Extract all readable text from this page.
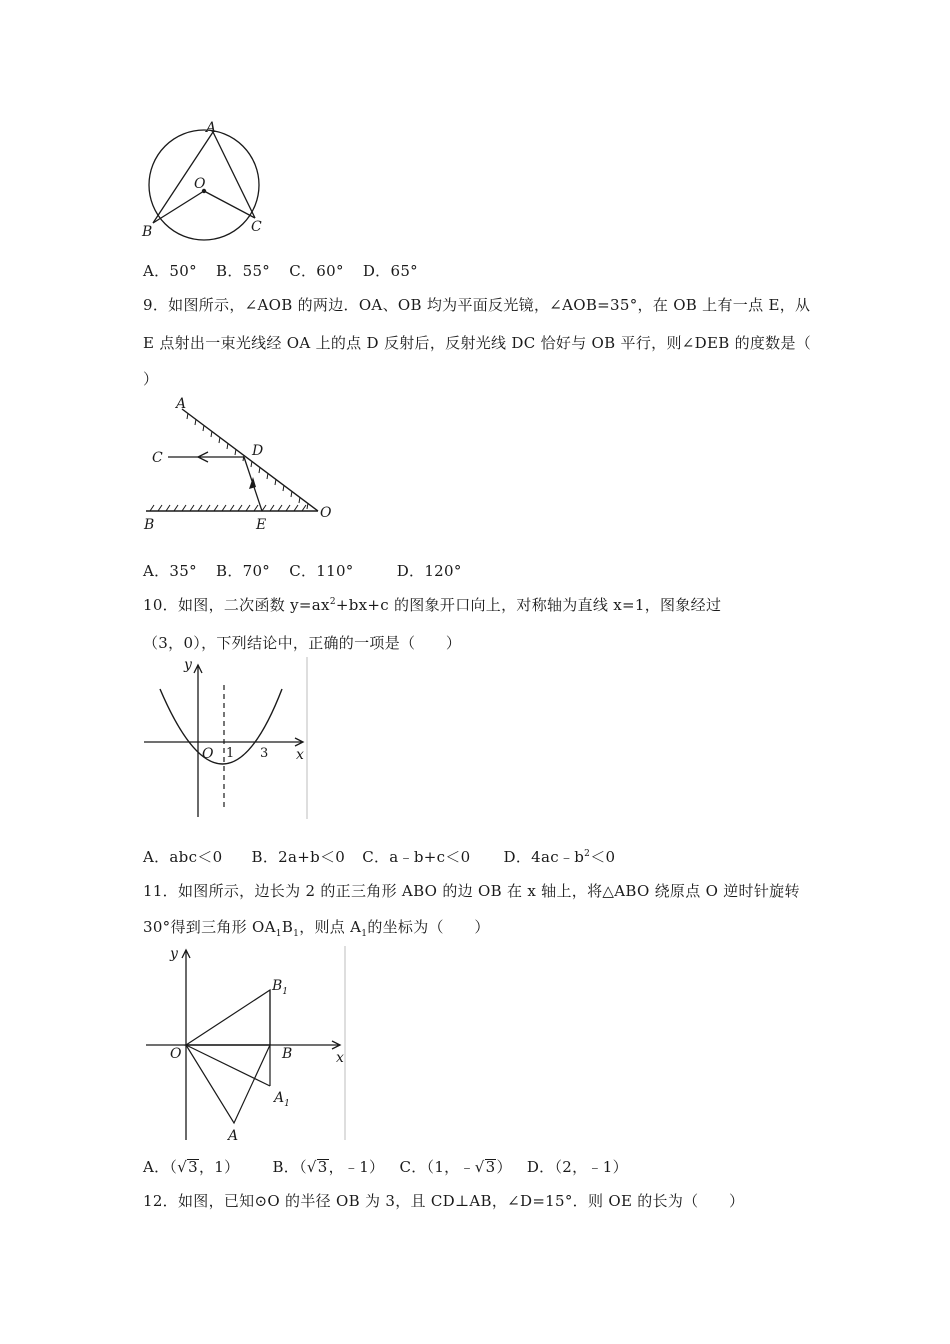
A
O
B	C
A．50° B．55° C．60° D．65°
9．如图所示，∠AOB 的两边．OA、OB 均为平面反光镜，∠AOB=35°，在 OB 上有一点 E，从
E 点射出一束光线经 OA 上的点 D 反射后，反射光线 DC 恰好与 OB 平行，则∠DEB 的度数是（
）
A
C	D
B	E
O
A．35° B．70° C．110°	D．120°
10．如图，二次函数 $y=ax^2+bx+c$ 的图象开口向上，对称轴为直线 x=1，图象经过
（3，0），下列结论中，正确的一项是（　　）
y
O 1 3 x
A．abc＜0 B．2a+b＜0 C．a﹣b+c＜0 D．$4ac﹣b^2<0$
11．如图所示，边长为 2 的正三角形 ABO 的边 OB 在 x 轴上，将△ABO 绕原点 O 逆时针旋转
30°得到三角形 $OA_1B_1$，则点 $A_1$的坐标为（　　）
y
$B_1$
O	B	x
$A_1$
A
A．（√3，1） B．（√3，﹣1） C．（1，﹣√3） D．（2，﹣1）
12．如图，已知⊙O 的半径 OB 为 3，且 CD⊥AB，∠D=15°．则 OE 的长为（　　）
